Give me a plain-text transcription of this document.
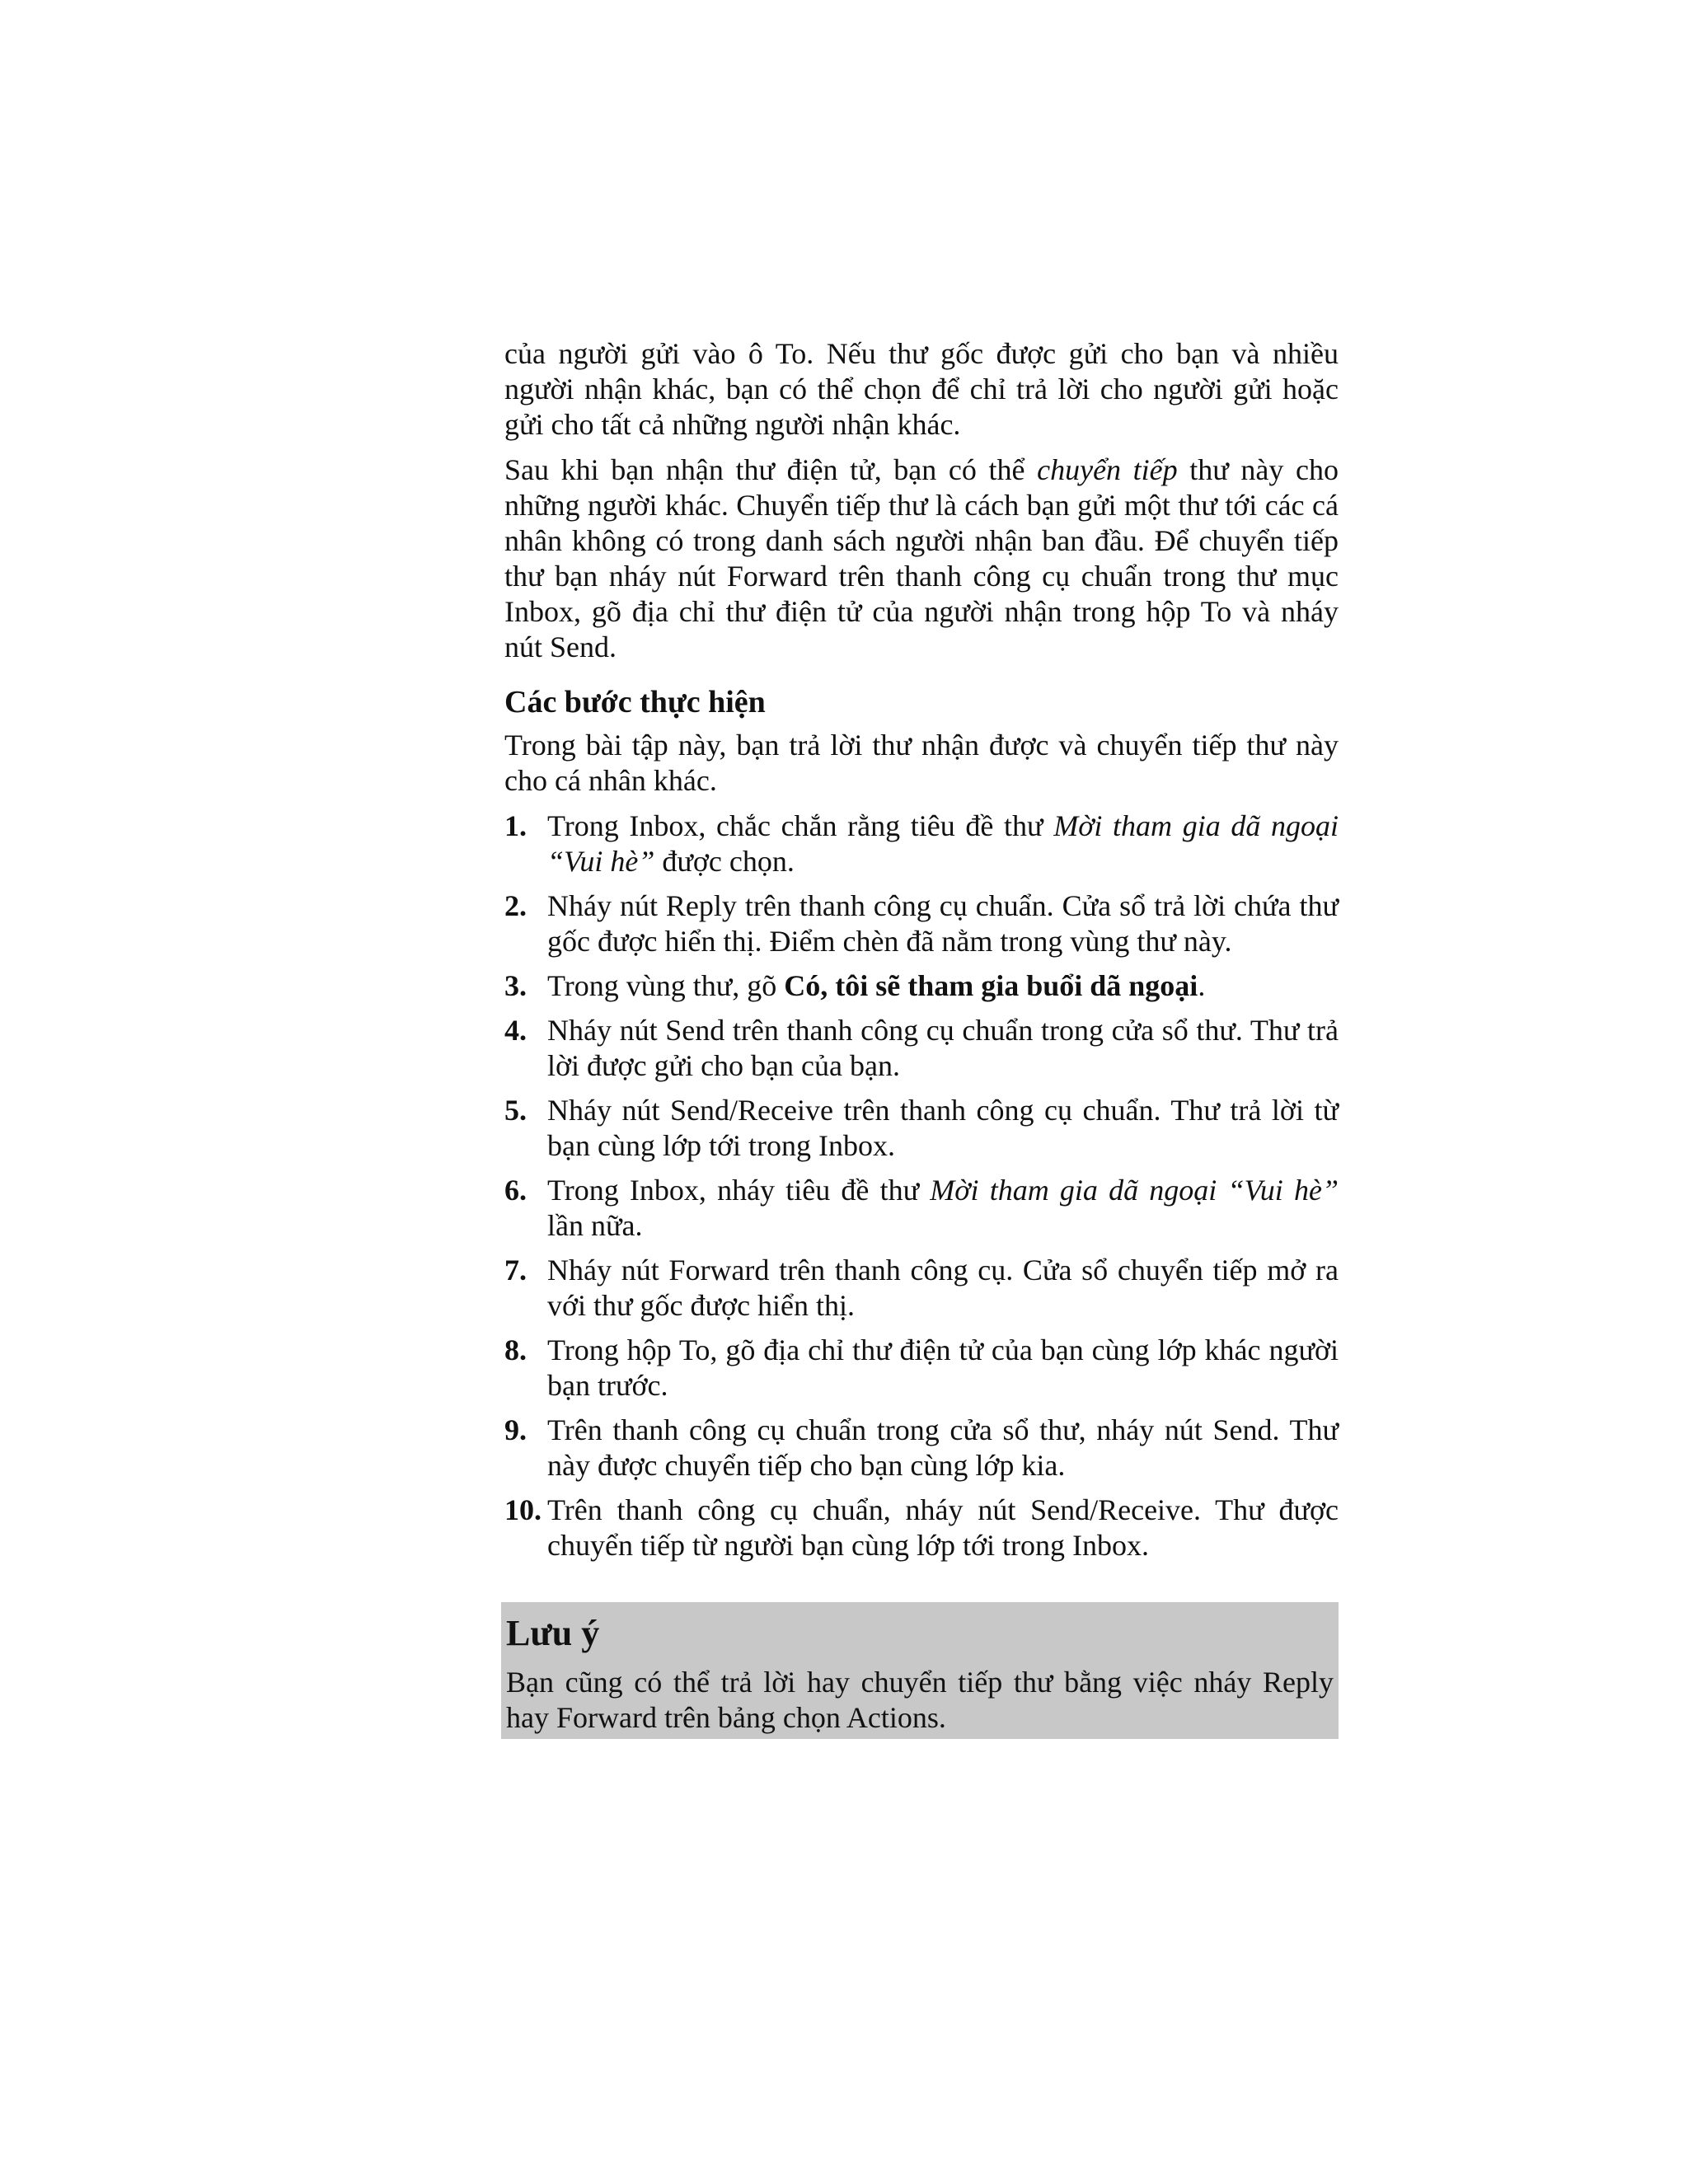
của người gửi vào ô To. Nếu thư gốc được gửi cho bạn và nhiều người nhận khác, bạn có thể chọn để chỉ trả lời cho người gửi hoặc gửi cho tất cả những người nhận khác.

Sau khi bạn nhận thư điện tử, bạn có thể chuyển tiếp thư này cho những người khác. Chuyển tiếp thư là cách bạn gửi một thư tới các cá nhân không có trong danh sách người nhận ban đầu. Để chuyển tiếp thư bạn nháy nút Forward trên thanh công cụ chuẩn trong thư mục Inbox, gõ địa chỉ thư điện tử của người nhận trong hộp To và nháy nút Send.

Các bước thực hiện

Trong bài tập này, bạn trả lời thư nhận được và chuyển tiếp thư này cho cá nhân khác.

1. Trong Inbox, chắc chắn rằng tiêu đề thư Mời tham gia dã ngoại “Vui hè” được chọn.
2. Nháy nút Reply trên thanh công cụ chuẩn. Cửa sổ trả lời chứa thư gốc được hiển thị. Điểm chèn đã nằm trong vùng thư này.
3. Trong vùng thư, gõ Có, tôi sẽ tham gia buổi dã ngoại.
4. Nháy nút Send trên thanh công cụ chuẩn trong cửa sổ thư. Thư trả lời được gửi cho bạn của bạn.
5. Nháy nút Send/Receive trên thanh công cụ chuẩn. Thư trả lời từ bạn cùng lớp tới trong Inbox.
6. Trong Inbox, nháy tiêu đề thư Mời tham gia dã ngoại “Vui hè” lần nữa.
7. Nháy nút Forward trên thanh công cụ. Cửa sổ chuyển tiếp mở ra với thư gốc được hiển thị.
8. Trong hộp To, gõ địa chỉ thư điện tử của bạn cùng lớp khác người bạn trước.
9. Trên thanh công cụ chuẩn trong cửa sổ thư, nháy nút Send. Thư này được chuyển tiếp cho bạn cùng lớp kia.
10. Trên thanh công cụ chuẩn, nháy nút Send/Receive. Thư được chuyển tiếp từ người bạn cùng lớp tới trong Inbox.
Lưu ý
Bạn cũng có thể trả lời hay chuyển tiếp thư bằng việc nháy Reply hay Forward trên bảng chọn Actions.
